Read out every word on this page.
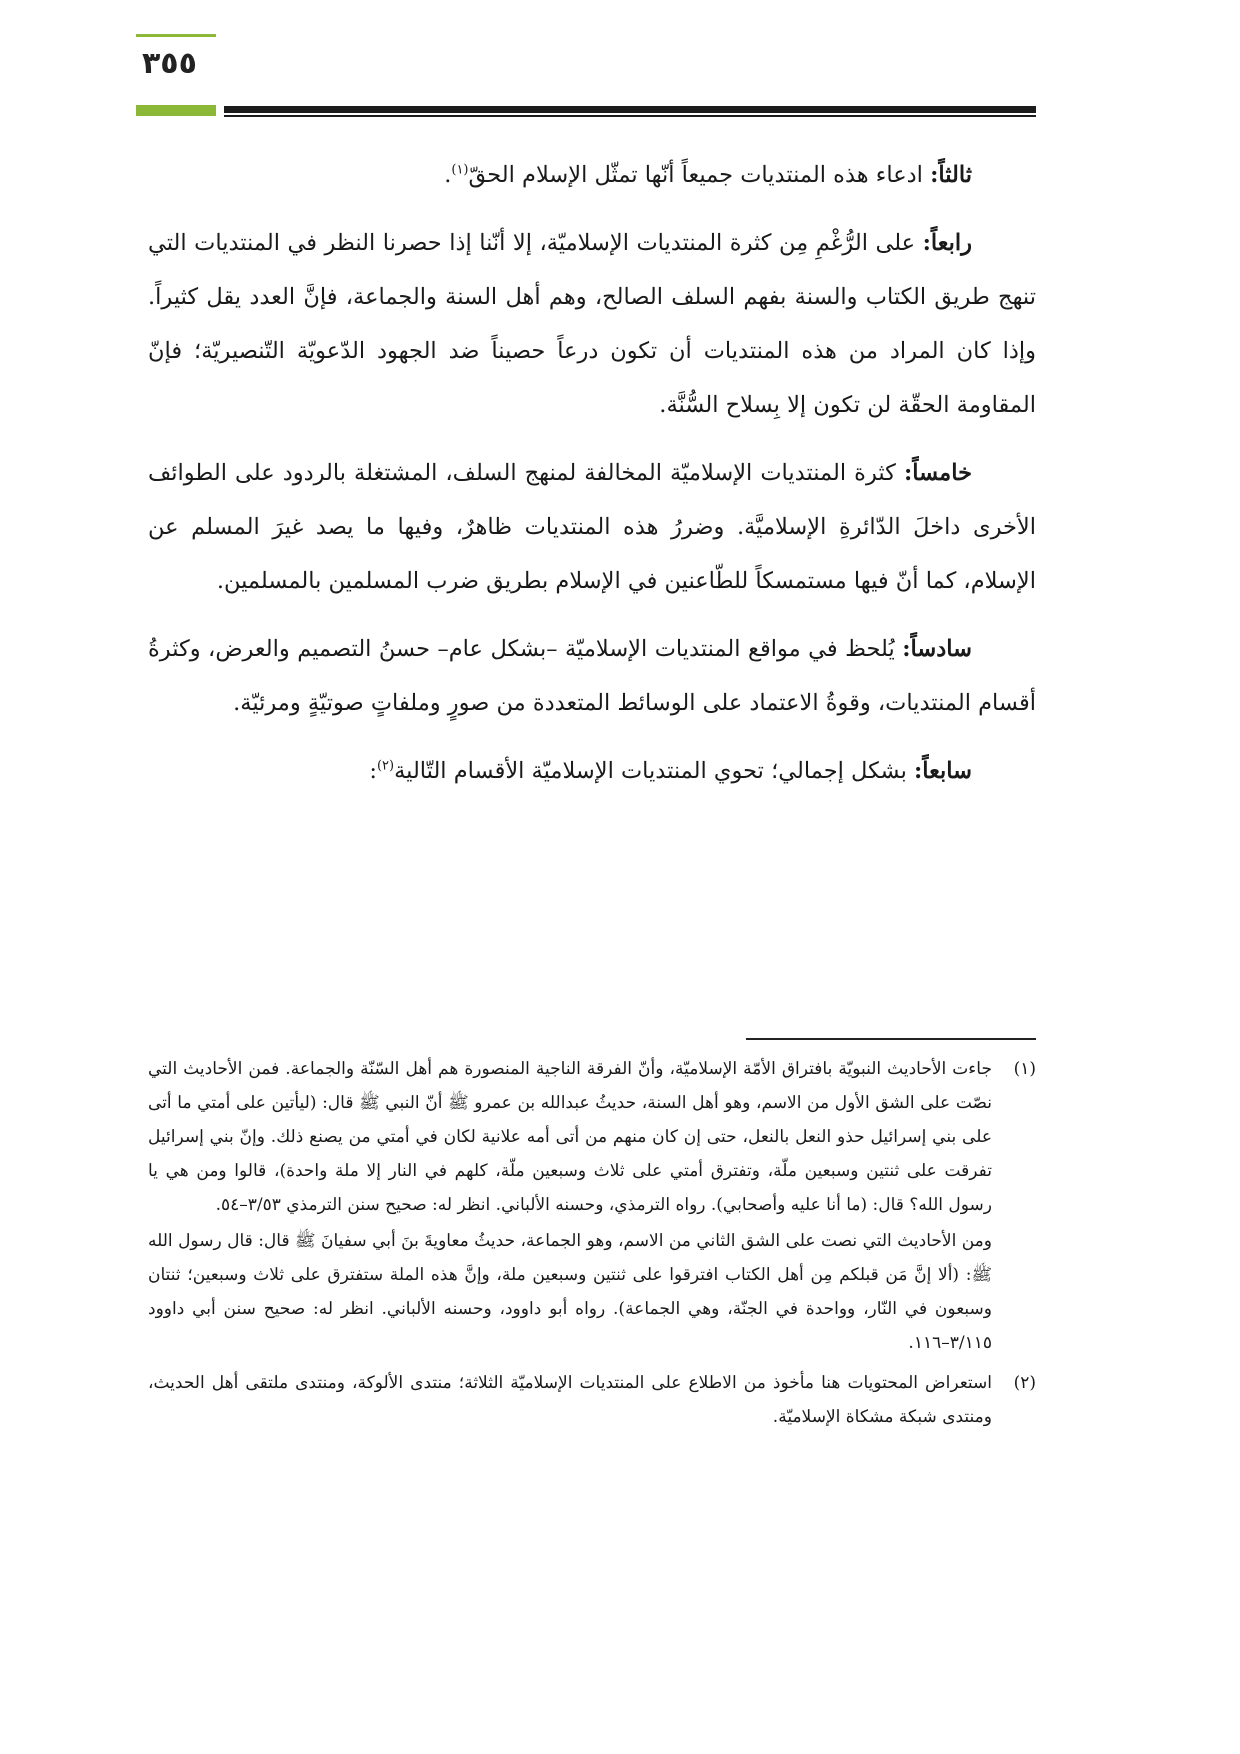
٣٥٥

ثالثاً: ادعاء هذه المنتديات جميعاً أنّها تمثّل الإسلام الحقّ$^{(١)}$.

رابعاً: على الرُّغْمِ مِن كثرة المنتديات الإسلاميّة، إلا أنّنا إذا حصرنا النظر في المنتديات التي تنهج طريق الكتاب والسنة بفهم السلف الصالح، وهم أهل السنة والجماعة، فإنَّ العدد يقل كثيراً. وإذا كان المراد من هذه المنتديات أن تكون درعاً حصيناً ضد الجهود الدّعويّة التّنصيريّة؛ فإنّ المقاومة الحقّة لن تكون إلا بِسلاح السُّنَّة.

خامساً: كثرة المنتديات الإسلاميّة المخالفة لمنهج السلف، المشتغلة بالردود على الطوائف الأخرى داخلَ الدّائرةِ الإسلاميَّة. وضررُ هذه المنتديات ظاهرٌ، وفيها ما يصد غيرَ المسلم عن الإسلام، كما أنّ فيها مستمسكاً للطّاعنين في الإسلام بطريق ضرب المسلمين بالمسلمين.

سادساً: يُلحظ في مواقع المنتديات الإسلاميّة –بشكل عام– حسنُ التصميم والعرض، وكثرةُ أقسام المنتديات، وقوةُ الاعتماد على الوسائط المتعددة من صورٍ وملفاتٍ صوتيّةٍ ومرئيّة.

سابعاً: بشكل إجمالي؛ تحوي المنتديات الإسلاميّة الأقسام التّالية$^{(٢)}$:

(١)

جاءت الأحاديث النبويّة بافتراق الأمّة الإسلاميّة، وأنّ الفرقة الناجية المنصورة هم أهل السّنّة والجماعة. فمن الأحاديث التي نصّت على الشق الأول من الاسم، وهو أهل السنة، حديثُ عبدالله بن عمرو ﷺ أنّ النبي ﷺ قال: (ليأتين على أمتي ما أتى على بني إسرائيل حذو النعل بالنعل، حتى إن كان منهم من أتى أمه علانية لكان في أمتي من يصنع ذلك. وإنّ بني إسرائيل تفرقت على ثنتين وسبعين ملّة، وتفترق أمتي على ثلاث وسبعين ملّة، كلهم في النار إلا ملة واحدة)، قالوا ومن هي يا رسول الله؟ قال: (ما أنا عليه وأصحابي). رواه الترمذي، وحسنه الألباني. انظر له: صحيح سنن الترمذي ٣/٥٣–٥٤.

ومن الأحاديث التي نصت على الشق الثاني من الاسم، وهو الجماعة، حديثُ معاويةَ بنَ أبي سفيانَ ﷺ قال: قال رسول الله ﷺ: (ألا إنَّ مَن قبلكم مِن أهل الكتاب افترقوا على ثنتين وسبعين ملة، وإنَّ هذه الملة ستفترق على ثلاث وسبعين؛ ثنتان وسبعون في النّار، وواحدة في الجنّة، وهي الجماعة). رواه أبو داوود، وحسنه الألباني. انظر له: صحيح سنن أبي داوود ٣/١١٥–١١٦.

(٢)

استعراض المحتويات هنا مأخوذ من الاطلاع على المنتديات الإسلاميّة الثلاثة؛ منتدى الألوكة، ومنتدى ملتقى أهل الحديث، ومنتدى شبكة مشكاة الإسلاميّة.
